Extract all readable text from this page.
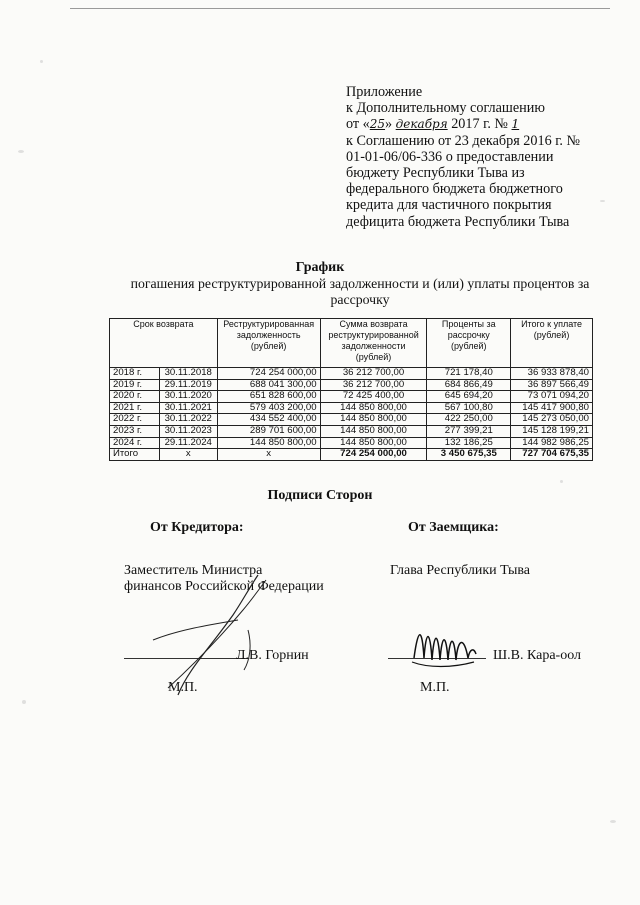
Приложение
к Дополнительному соглашению
от «25» декабря 2017 г. № 1
к Соглашению от 23 декабря 2016 г. №
01-01-06/06-336 о предоставлении
бюджету Республики Тыва из
федерального бюджета бюджетного
кредита для частичного покрытия
дефицита бюджета Республики Тыва
График
погашения реструктурированной задолженности и (или) уплаты процентов за рассрочку
Срок возврата		Реструктурированная задолженность (рублей)	Сумма возврата реструктурированной задолженности (рублей)	Проценты за рассрочку (рублей)	Итого к уплате (рублей)
2018 г.	30.11.2018	724 254 000,00	36 212 700,00	721 178,40	36 933 878,40
2019 г.	29.11.2019	688 041 300,00	36 212 700,00	684 866,49	36 897 566,49
2020 г.	30.11.2020	651 828 600,00	72 425 400,00	645 694,20	73 071 094,20
2021 г.	30.11.2021	579 403 200,00	144 850 800,00	567 100,80	145 417 900,80
2022 г.	30.11.2022	434 552 400,00	144 850 800,00	422 250,00	145 273 050,00
2023 г.	30.11.2023	289 701 600,00	144 850 800,00	277 399,21	145 128 199,21
2024 г.	29.11.2024	144 850 800,00	144 850 800,00	132 186,25	144 982 986,25
Итого	х	х	724 254 000,00	3 450 675,35	727 704 675,35
Подписи Сторон
От Кредитора:	От Заемщика:
Заместитель Министра
финансов Российской Федерации
Глава Республики Тыва
Л.В. Горнин	Ш.В. Кара-оол
М.П.	М.П.
